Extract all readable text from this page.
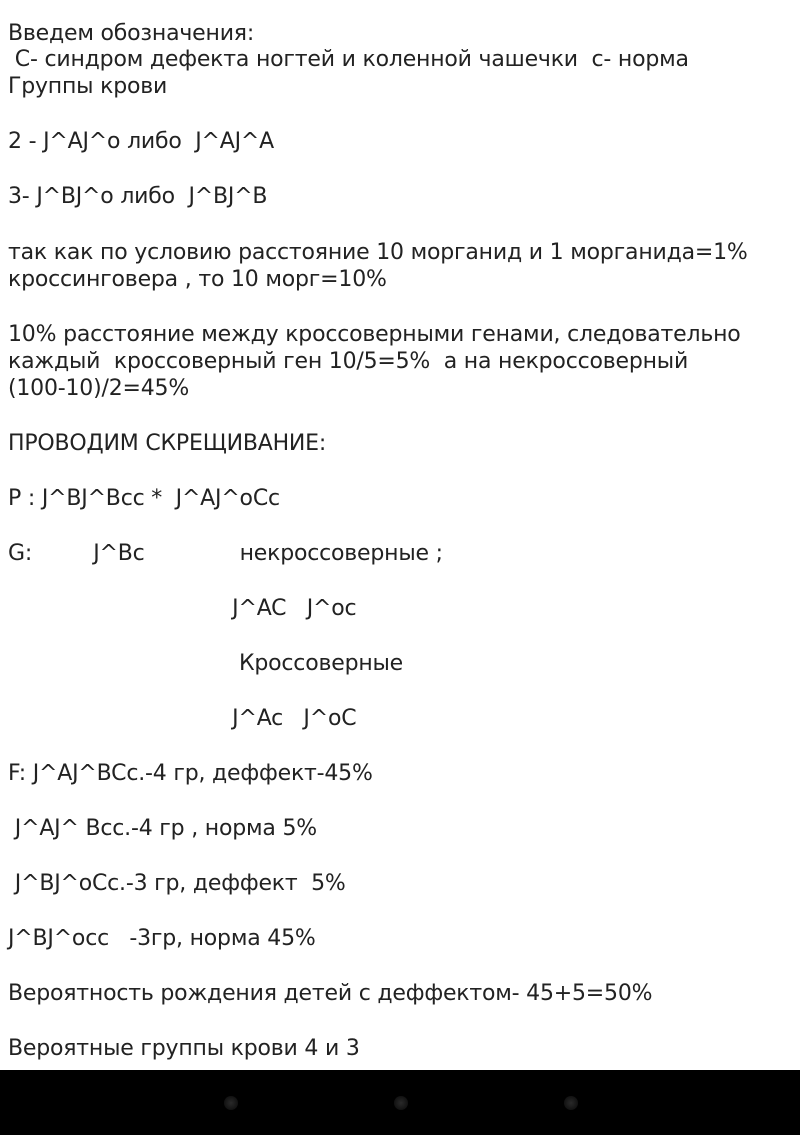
Введем обозначения:
С- синдром дефекта ногтей и коленной чашечки  с- норма
Группы крови
2 - J^AJ^o либо  J^AJ^A
3- J^BJ^o либо  J^BJ^B
так как по условию расстояние 10 морганид и 1 морганида=1%
кроссинговера , то 10 морг=10%
10% расстояние между кроссоверными генами, следовательно
каждый  кроссоверный ген 10/5=5%  а на некроссоверный
(100-10)/2=45%
ПРОВОДИМ СКРЕЩИВАНИЕ:
Р : J^BJ^Bсс *  J^AJ^oCc
G:         J^Bc              некроссоверные ;
J^AC   J^oc
Кроссоверные
J^Ac   J^oC
F: J^AJ^BCc.-4 гр, деффект-45%
J^AJ^ Bcc.-4 гр , норма 5%
J^BJ^oCc.-3 гр, деффект  5%
J^BJ^occ   -3гр, норма 45%
Вероятность рождения детей с деффектом- 45+5=50%
Вероятные группы крови 4 и 3
